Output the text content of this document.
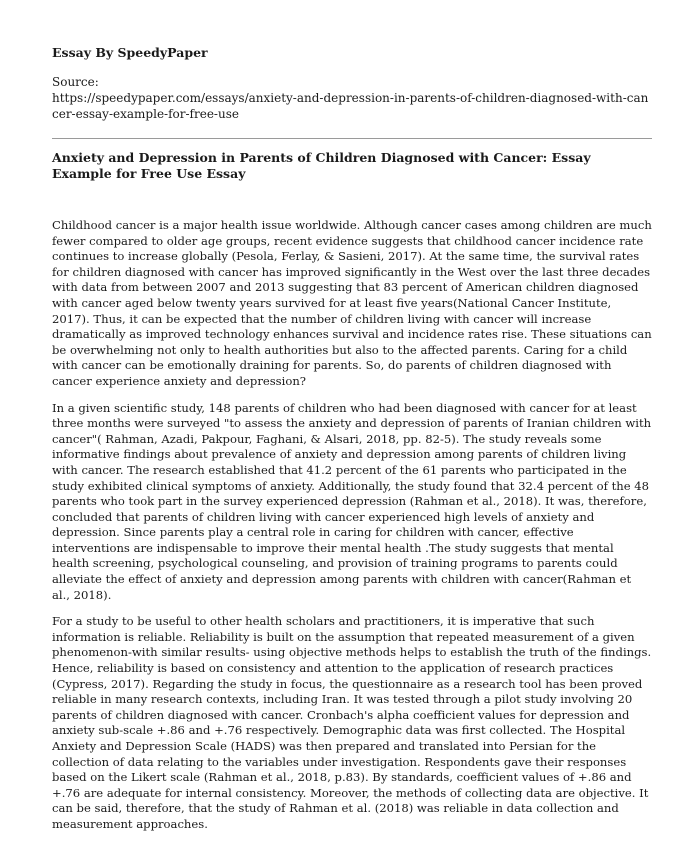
Essay By SpeedyPaper
Source:
https://speedypaper.com/essays/anxiety-and-depression-in-parents-of-children-diagnosed-with-cancer-essay-example-for-free-use
Anxiety and Depression in Parents of Children Diagnosed with Cancer: Essay Example for Free Use Essay

Childhood cancer is a major health issue worldwide. Although cancer cases among children are much fewer compared to older age groups, recent evidence suggests that childhood cancer incidence rate continues to increase globally (Pesola, Ferlay, & Sasieni, 2017). At the same time, the survival rates for children diagnosed with cancer has improved significantly in the West over the last three decades with data from between 2007 and 2013 suggesting that 83 percent of American children diagnosed with cancer aged below twenty years survived for at least five years(National Cancer Institute, 2017). Thus, it can be expected that the number of children living with cancer will increase dramatically as improved technology enhances survival and incidence rates rise. These situations can be overwhelming not only to health authorities but also to the affected parents. Caring for a child with cancer can be emotionally draining for parents. So, do parents of children diagnosed with cancer experience anxiety and depression?

In a given scientific study, 148 parents of children who had been diagnosed with cancer for at least three months were surveyed "to assess the anxiety and depression of parents of Iranian children with cancer"( Rahman, Azadi, Pakpour, Faghani, & Alsari, 2018, pp. 82-5). The study reveals some informative findings about prevalence of anxiety and depression among parents of children living with cancer. The research established that 41.2 percent of the 61 parents who participated in the study exhibited clinical symptoms of anxiety. Additionally, the study found that 32.4 percent of the 48 parents who took part in the survey experienced depression (Rahman et al., 2018). It was, therefore, concluded that parents of children living with cancer experienced high levels of anxiety and depression. Since parents play a central role in caring for children with cancer, effective interventions are indispensable to improve their mental health .The study suggests that mental health screening, psychological counseling, and provision of training programs to parents could alleviate the effect of anxiety and depression among parents with children with cancer(Rahman et al., 2018).

For a study to be useful to other health scholars and practitioners, it is imperative that such information is reliable. Reliability is built on the assumption that repeated measurement of a given phenomenon-with similar results- using objective methods helps to establish the truth of the findings. Hence, reliability is based on consistency and attention to the application of research practices (Cypress, 2017). Regarding the study in focus, the questionnaire as a research tool has been proved reliable in many research contexts, including Iran. It was tested through a pilot study involving 20 parents of children diagnosed with cancer. Cronbach's alpha coefficient values for depression and anxiety sub-scale +.86 and +.76 respectively. Demographic data was first collected. The Hospital Anxiety and Depression Scale (HADS) was then prepared and translated into Persian for the collection of data relating to the variables under investigation. Respondents gave their responses based on the Likert scale (Rahman et al., 2018, p.83). By standards, coefficient values of +.86 and +.76 are adequate for internal consistency. Moreover, the methods of collecting data are objective. It can be said, therefore, that the study of Rahman et al. (2018) was reliable in data collection and measurement approaches.
